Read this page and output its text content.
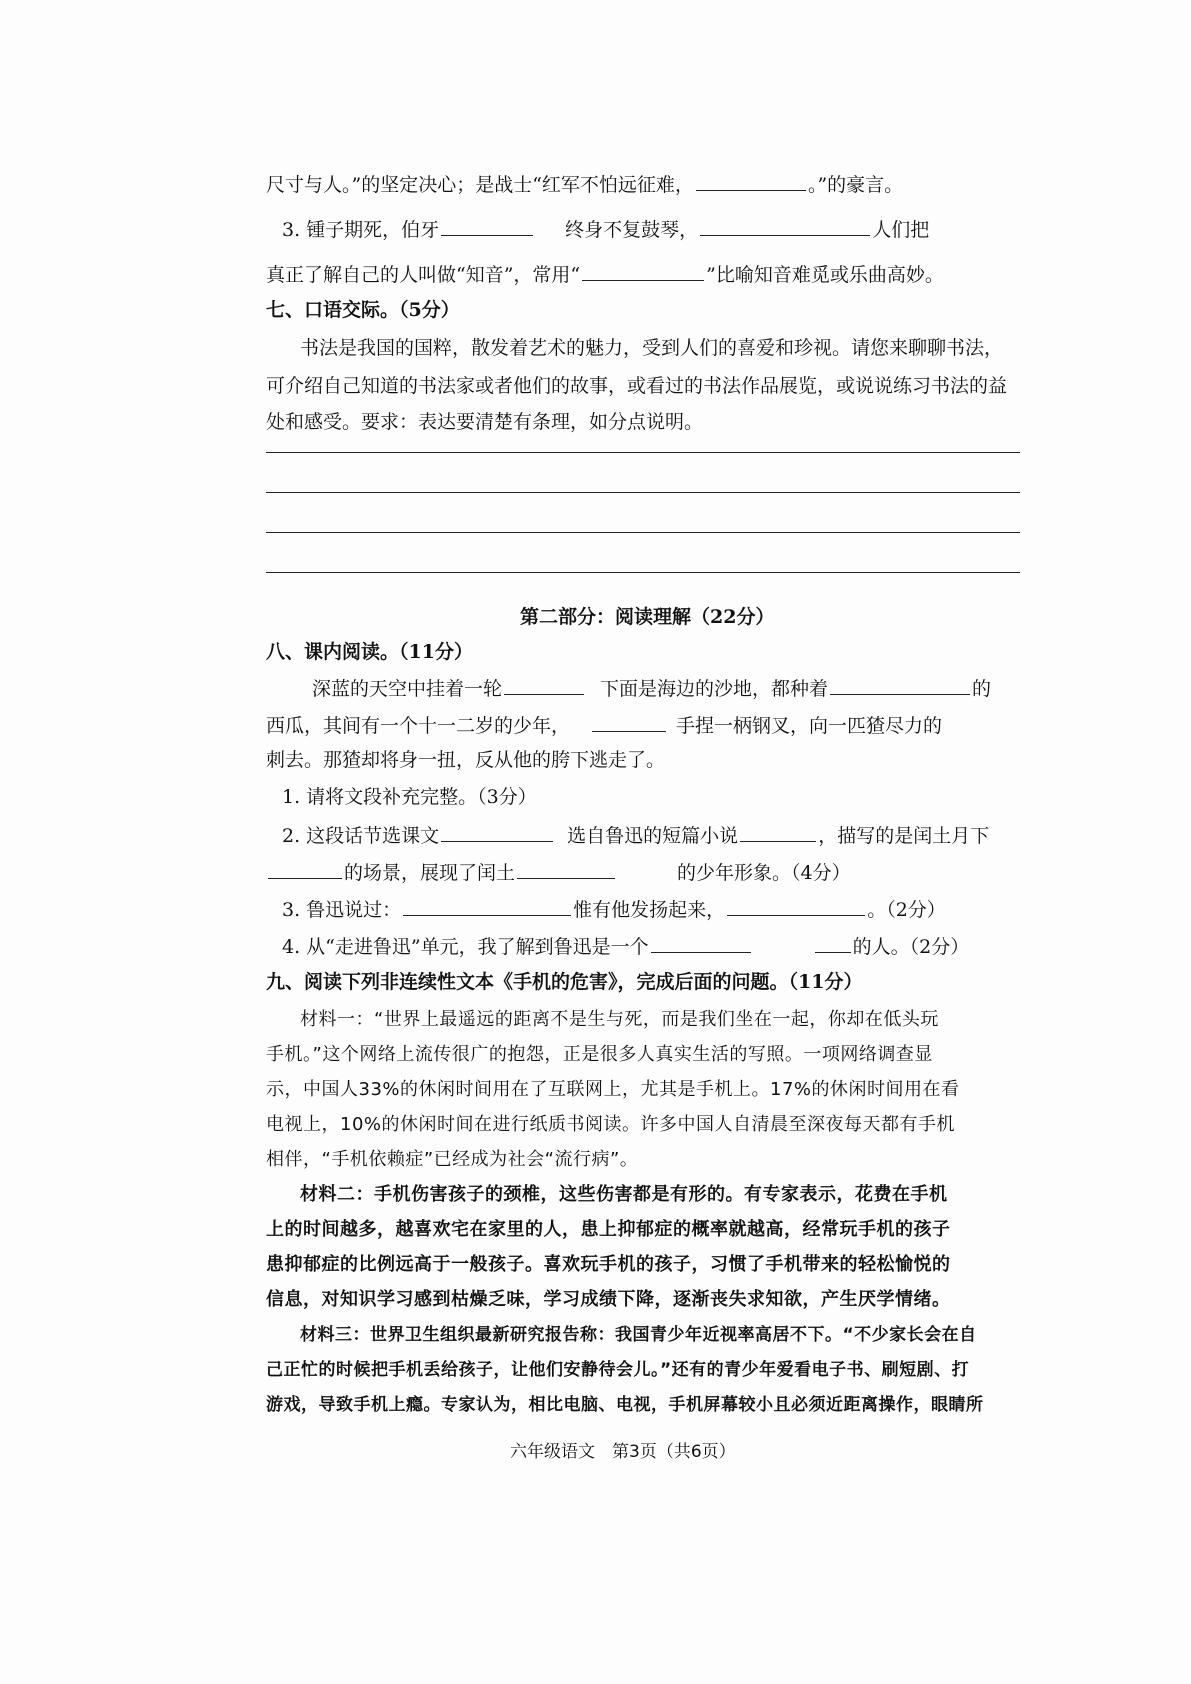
尺寸与人。”的坚定决心；是战士“红军不怕远征难，	。”的豪言。
3. 锺子期死，伯牙	终身不复鼓琴，	人们把
真正了解自己的人叫做“知音”，常用“	”比喻知音难觅或乐曲高妙。
七、口语交际。（5分）
书法是我国的国粹，散发着艺术的魅力，受到人们的喜爱和珍视。请您来聊聊书法，
可介绍自己知道的书法家或者他们的故事，或看过的书法作品展览，或说说练习书法的益
处和感受。要求：表达要清楚有条理，如分点说明。
第二部分：阅读理解（22分）
八、课内阅读。（11分）
深蓝的天空中挂着一轮	下面是海边的沙地，都种着	的
西瓜，其间有一个十一二岁的少年，	手捏一柄钢叉，向一匹猹尽力的
刺去。那猹却将身一扭，反从他的胯下逃走了。
1. 请将文段补充完整。（3分）
2. 这段话节选课文	选自鲁迅的短篇小说	，描写的是闰土月下
的场景，展现了闰土	的少年形象。（4分）
3. 鲁迅说过：	惟有他发扬起来，	。（2分）
4. 从“走进鲁迅”单元，我了解到鲁迅是一个	的人。（2分）
九、阅读下列非连续性文本《手机的危害》，完成后面的问题。（11分）
材料一：“世界上最遥远的距离不是生与死，而是我们坐在一起，你却在低头玩
手机。”这个网络上流传很广的抱怨，正是很多人真实生活的写照。一项网络调查显
示，中国人33%的休闲时间用在了互联网上，尤其是手机上。17%的休闲时间用在看
电视上，10%的休闲时间在进行纸质书阅读。许多中国人自清晨至深夜每天都有手机
相伴，“手机依赖症”已经成为社会“流行病”。
材料二：手机伤害孩子的颈椎，这些伤害都是有形的。有专家表示，花费在手机
上的时间越多，越喜欢宅在家里的人，患上抑郁症的概率就越高，经常玩手机的孩子
患抑郁症的比例远高于一般孩子。喜欢玩手机的孩子，习惯了手机带来的轻松愉悦的
信息，对知识学习感到枯燥乏味，学习成绩下降，逐渐丧失求知欲，产生厌学情绪。
材料三：世界卫生组织最新研究报告称：我国青少年近视率高居不下。“不少家长会在自
己正忙的时候把手机丢给孩子，让他们安静待会儿。”还有的青少年爱看电子书、刷短剧、打
游戏，导致手机上瘾。专家认为，相比电脑、电视，手机屏幕较小且必须近距离操作，眼睛所
六年级语文　第3页（共6页）
